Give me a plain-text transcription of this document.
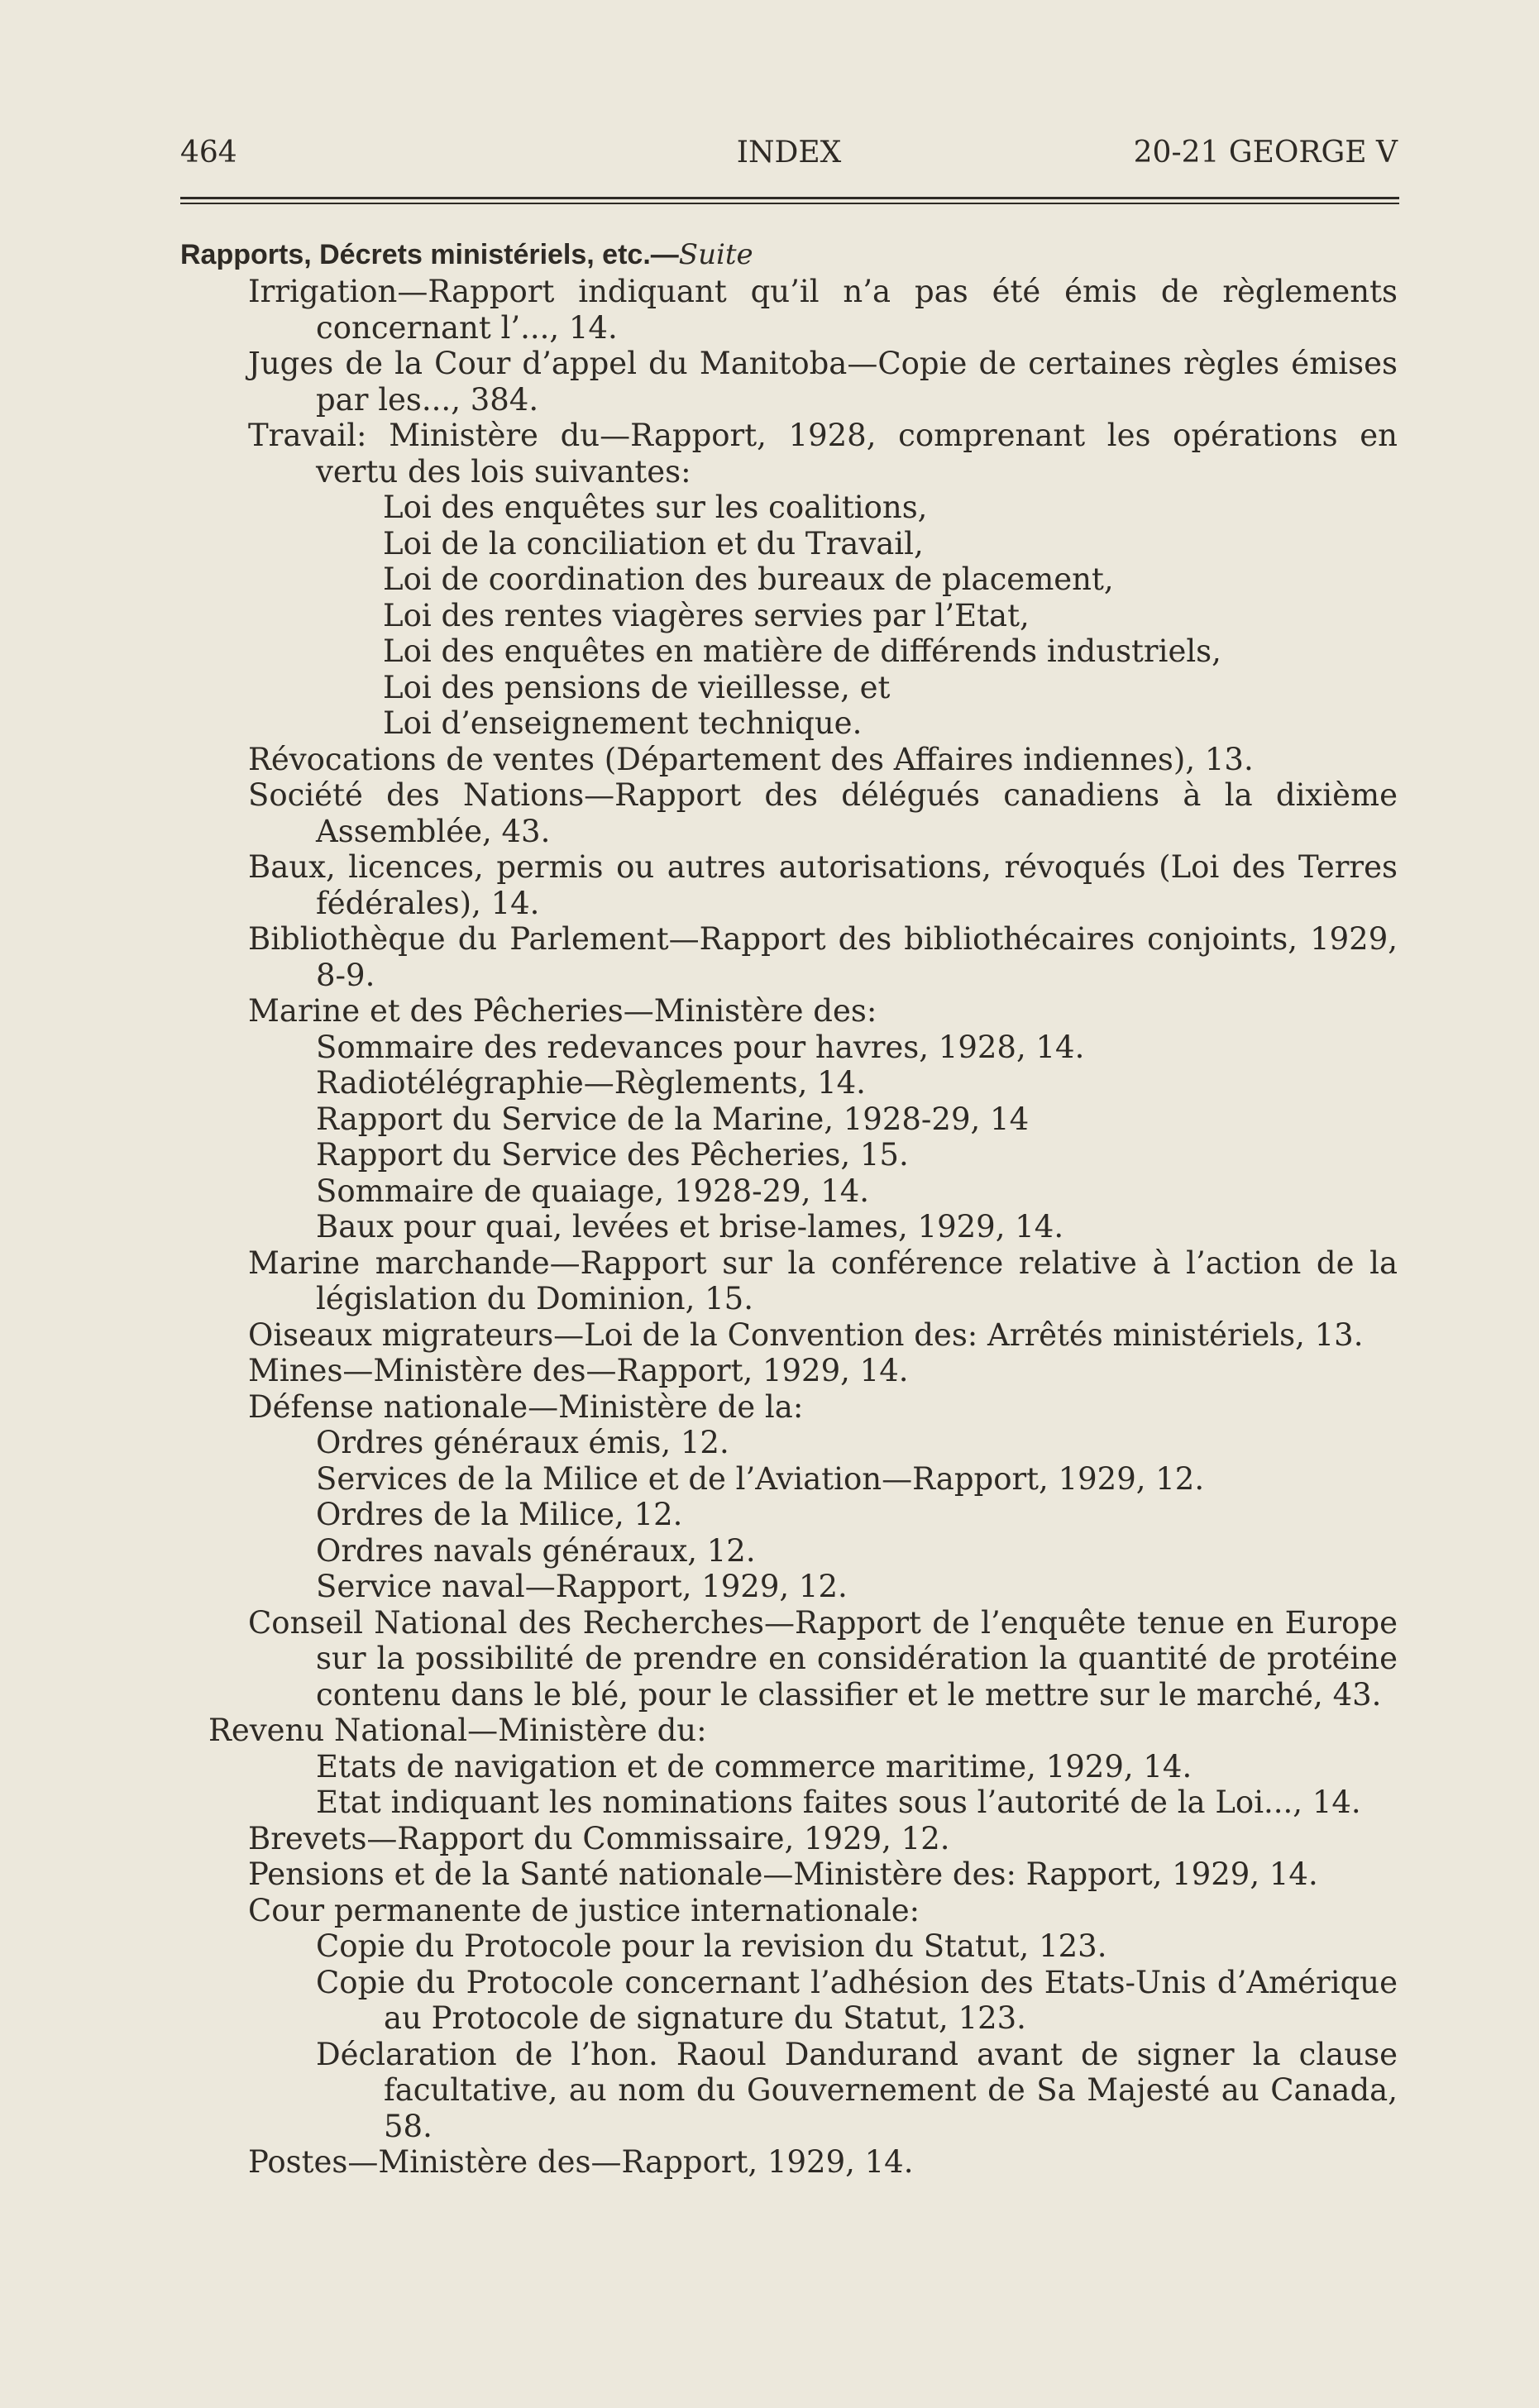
464	INDEX	20-21 GEORGE V
Rapports, Décrets ministériels, etc.—Suite
Irrigation—Rapport indiquant qu’il n’a pas été émis de règlements concernant l’..., 14.
Juges de la Cour d’appel du Manitoba—Copie de certaines règles émises par les..., 384.
Travail: Ministère du—Rapport, 1928, comprenant les opérations en vertu des lois suivantes:
Loi des enquêtes sur les coalitions,
Loi de la conciliation et du Travail,
Loi de coordination des bureaux de placement,
Loi des rentes viagères servies par l’Etat,
Loi des enquêtes en matière de différends industriels,
Loi des pensions de vieillesse, et
Loi d’enseignement technique.
Révocations de ventes (Département des Affaires indiennes), 13.
Société des Nations—Rapport des délégués canadiens à la dixième Assemblée, 43.
Baux, licences, permis ou autres autorisations, révoqués (Loi des Terres fédérales), 14.
Bibliothèque du Parlement—Rapport des bibliothécaires conjoints, 1929, 8-9.
Marine et des Pêcheries—Ministère des:
Sommaire des redevances pour havres, 1928, 14.
Radiotélégraphie—Règlements, 14.
Rapport du Service de la Marine, 1928-29, 14
Rapport du Service des Pêcheries, 15.
Sommaire de quaiage, 1928-29, 14.
Baux pour quai, levées et brise-lames, 1929, 14.
Marine marchande—Rapport sur la conférence relative à l’action de la législation du Dominion, 15.
Oiseaux migrateurs—Loi de la Convention des: Arrêtés ministériels, 13.
Mines—Ministère des—Rapport, 1929, 14.
Défense nationale—Ministère de la:
Ordres généraux émis, 12.
Services de la Milice et de l’Aviation—Rapport, 1929, 12.
Ordres de la Milice, 12.
Ordres navals généraux, 12.
Service naval—Rapport, 1929, 12.
Conseil National des Recherches—Rapport de l’enquête tenue en Europe sur la possibilité de prendre en considération la quantité de protéine contenu dans le blé, pour le classifier et le mettre sur le marché, 43.
Revenu National—Ministère du:
Etats de navigation et de commerce maritime, 1929, 14.
Etat indiquant les nominations faites sous l’autorité de la Loi..., 14.
Brevets—Rapport du Commissaire, 1929, 12.
Pensions et de la Santé nationale—Ministère des: Rapport, 1929, 14.
Cour permanente de justice internationale:
Copie du Protocole pour la revision du Statut, 123.
Copie du Protocole concernant l’adhésion des Etats-Unis d’Amérique au Protocole de signature du Statut, 123.
Déclaration de l’hon. Raoul Dandurand avant de signer la clause facultative, au nom du Gouvernement de Sa Majesté au Canada, 58.
Postes—Ministère des—Rapport, 1929, 14.
